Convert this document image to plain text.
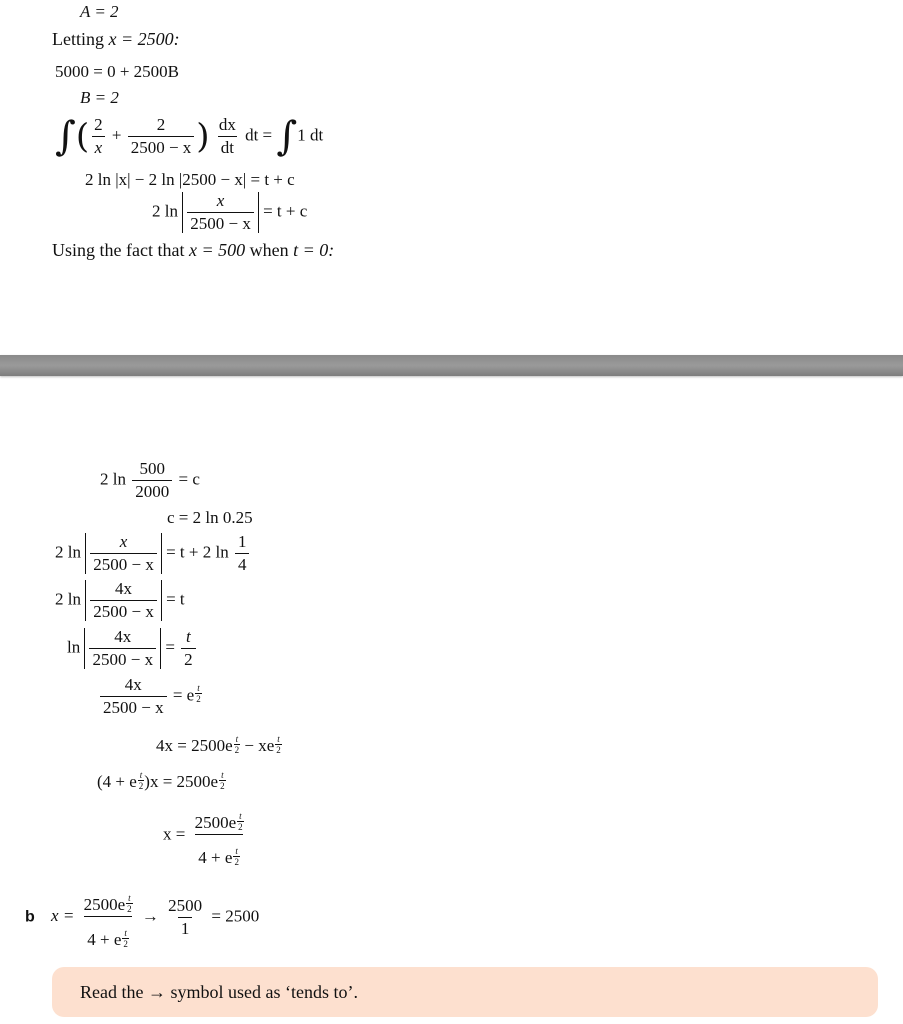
A = 2
Letting x = 2500:
5000 = 0 + 2500B
B = 2
∫( $\frac{2}{x} + \frac{2}{2500 - x}$ ) $\frac{dx}{dt}$ dt = ∫1 dt
2 ln |x| − 2 ln |2500 − x| = t + c
2 $\ln \frac{x}{2500 - x} = t + c$
Using the fact that x = 500 when t = 0:
2 $\ln \frac{500}{2000} = c$
c = 2 ln 0.25
2 $\ln \frac{x}{2500 - x} = t + 2$ $\ln \frac{1}{4}$
2 $\ln \frac{4x}{2500 - x} = t$
$\ln \frac{4x}{2500 - x} = \frac{t}{2}$
$\frac{4x}{2500 - x} = e$ $^{\frac{t}{2}}$
4x = 2500e $^{\frac{t}{2}}$ − xe $^{\frac{t}{2}}$
(4 + e $^{\frac{t}{2}}$ )x = 2500e $^{\frac{t}{2}}$
x = 2500e $^{\frac{t}{2}}$
4 + e $^{\frac{t}{2}}$
b x = 2500e $^{\frac{t}{2}}$
4 + e $^{\frac{t}{2}} \to \frac{2500}{1} = 2500$
Read the → symbol used as ‘tends to’.
